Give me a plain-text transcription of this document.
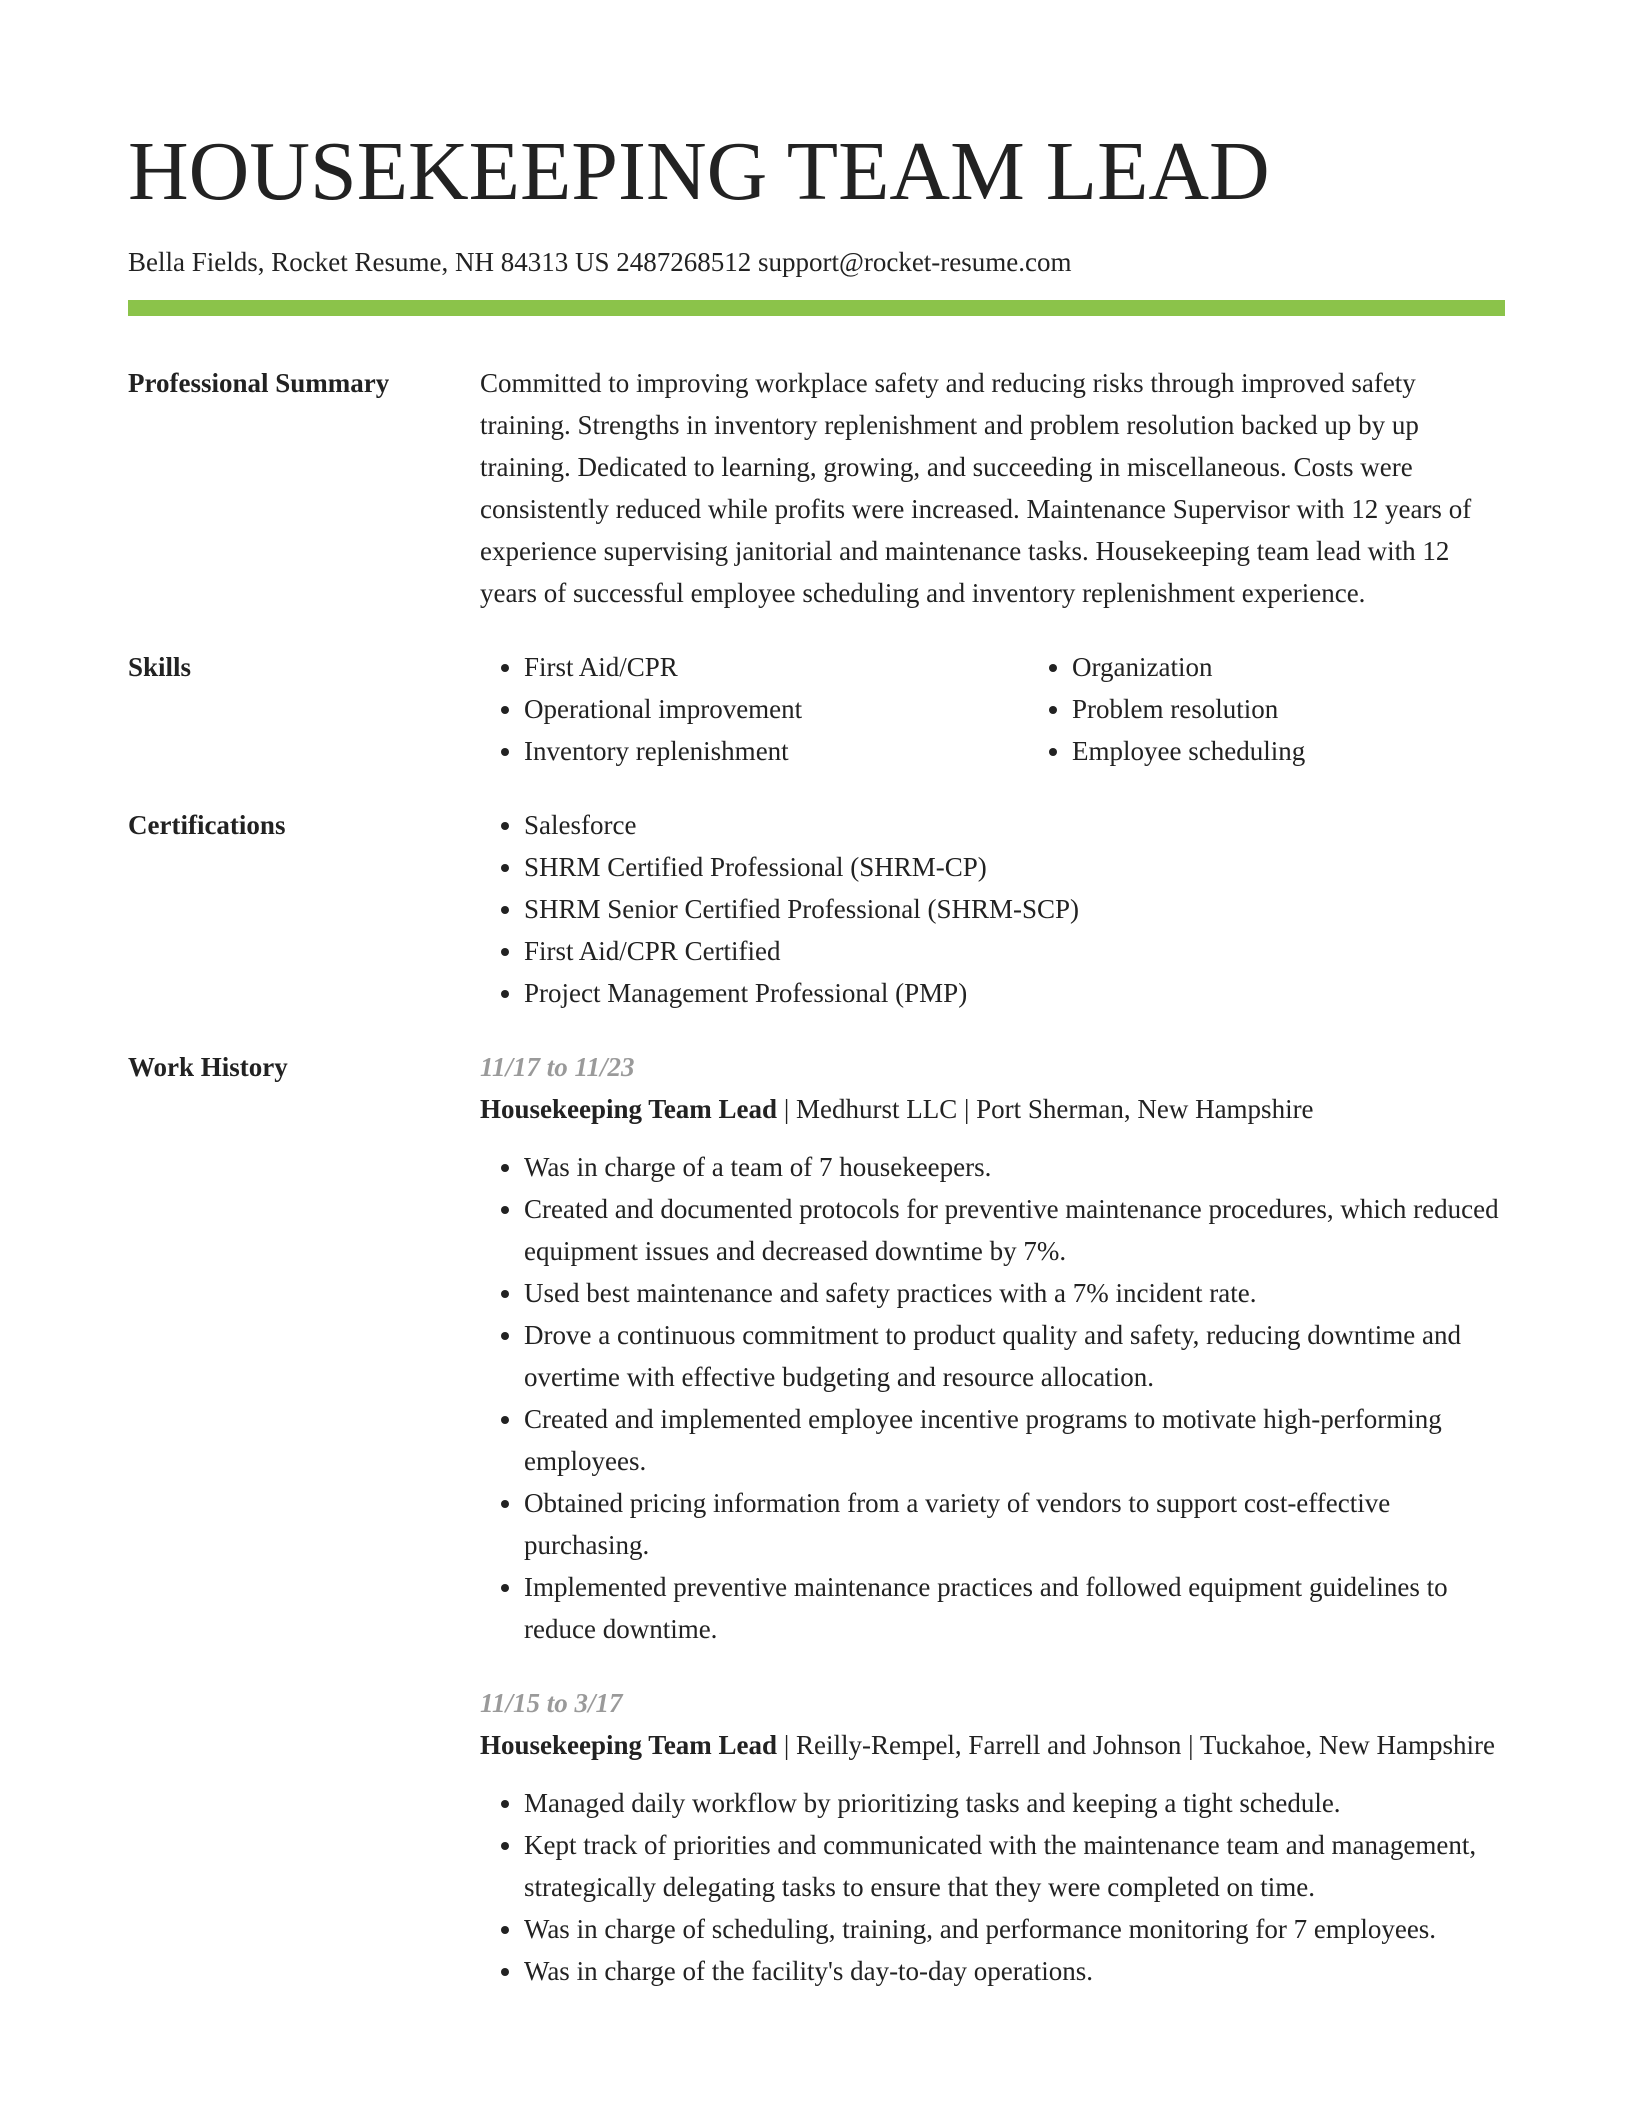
HOUSEKEEPING TEAM LEAD
Bella Fields, Rocket Resume, NH 84313 US 2487268512 support@rocket-resume.com
Professional Summary	Committed to improving workplace safety and reducing risks through improved safety training. Strengths in inventory replenishment and problem resolution backed up by up training. Dedicated to learning, growing, and succeeding in miscellaneous. Costs were consistently reduced while profits were increased. Maintenance Supervisor with 12 years of experience supervising janitorial and maintenance tasks. Housekeeping team lead with 12 years of successful employee scheduling and inventory replenishment experience.
Skills	• First Aid/CPR
• Operational improvement
• Inventory replenishment
• Organization
• Problem resolution
• Employee scheduling
Certifications	• Salesforce
• SHRM Certified Professional (SHRM-CP)
• SHRM Senior Certified Professional (SHRM-SCP)
• First Aid/CPR Certified
• Project Management Professional (PMP)
Work History	11/17 to 11/23
Housekeeping Team Lead | Medhurst LLC | Port Sherman, New Hampshire
• Was in charge of a team of 7 housekeepers.
• Created and documented protocols for preventive maintenance procedures, which reduced equipment issues and decreased downtime by 7%.
• Used best maintenance and safety practices with a 7% incident rate.
• Drove a continuous commitment to product quality and safety, reducing downtime and overtime with effective budgeting and resource allocation.
• Created and implemented employee incentive programs to motivate high-performing employees.
• Obtained pricing information from a variety of vendors to support cost-effective purchasing.
• Implemented preventive maintenance practices and followed equipment guidelines to reduce downtime.
11/15 to 3/17
Housekeeping Team Lead | Reilly-Rempel, Farrell and Johnson | Tuckahoe, New Hampshire
• Managed daily workflow by prioritizing tasks and keeping a tight schedule.
• Kept track of priorities and communicated with the maintenance team and management, strategically delegating tasks to ensure that they were completed on time.
• Was in charge of scheduling, training, and performance monitoring for 7 employees.
• Was in charge of the facility's day-to-day operations.
